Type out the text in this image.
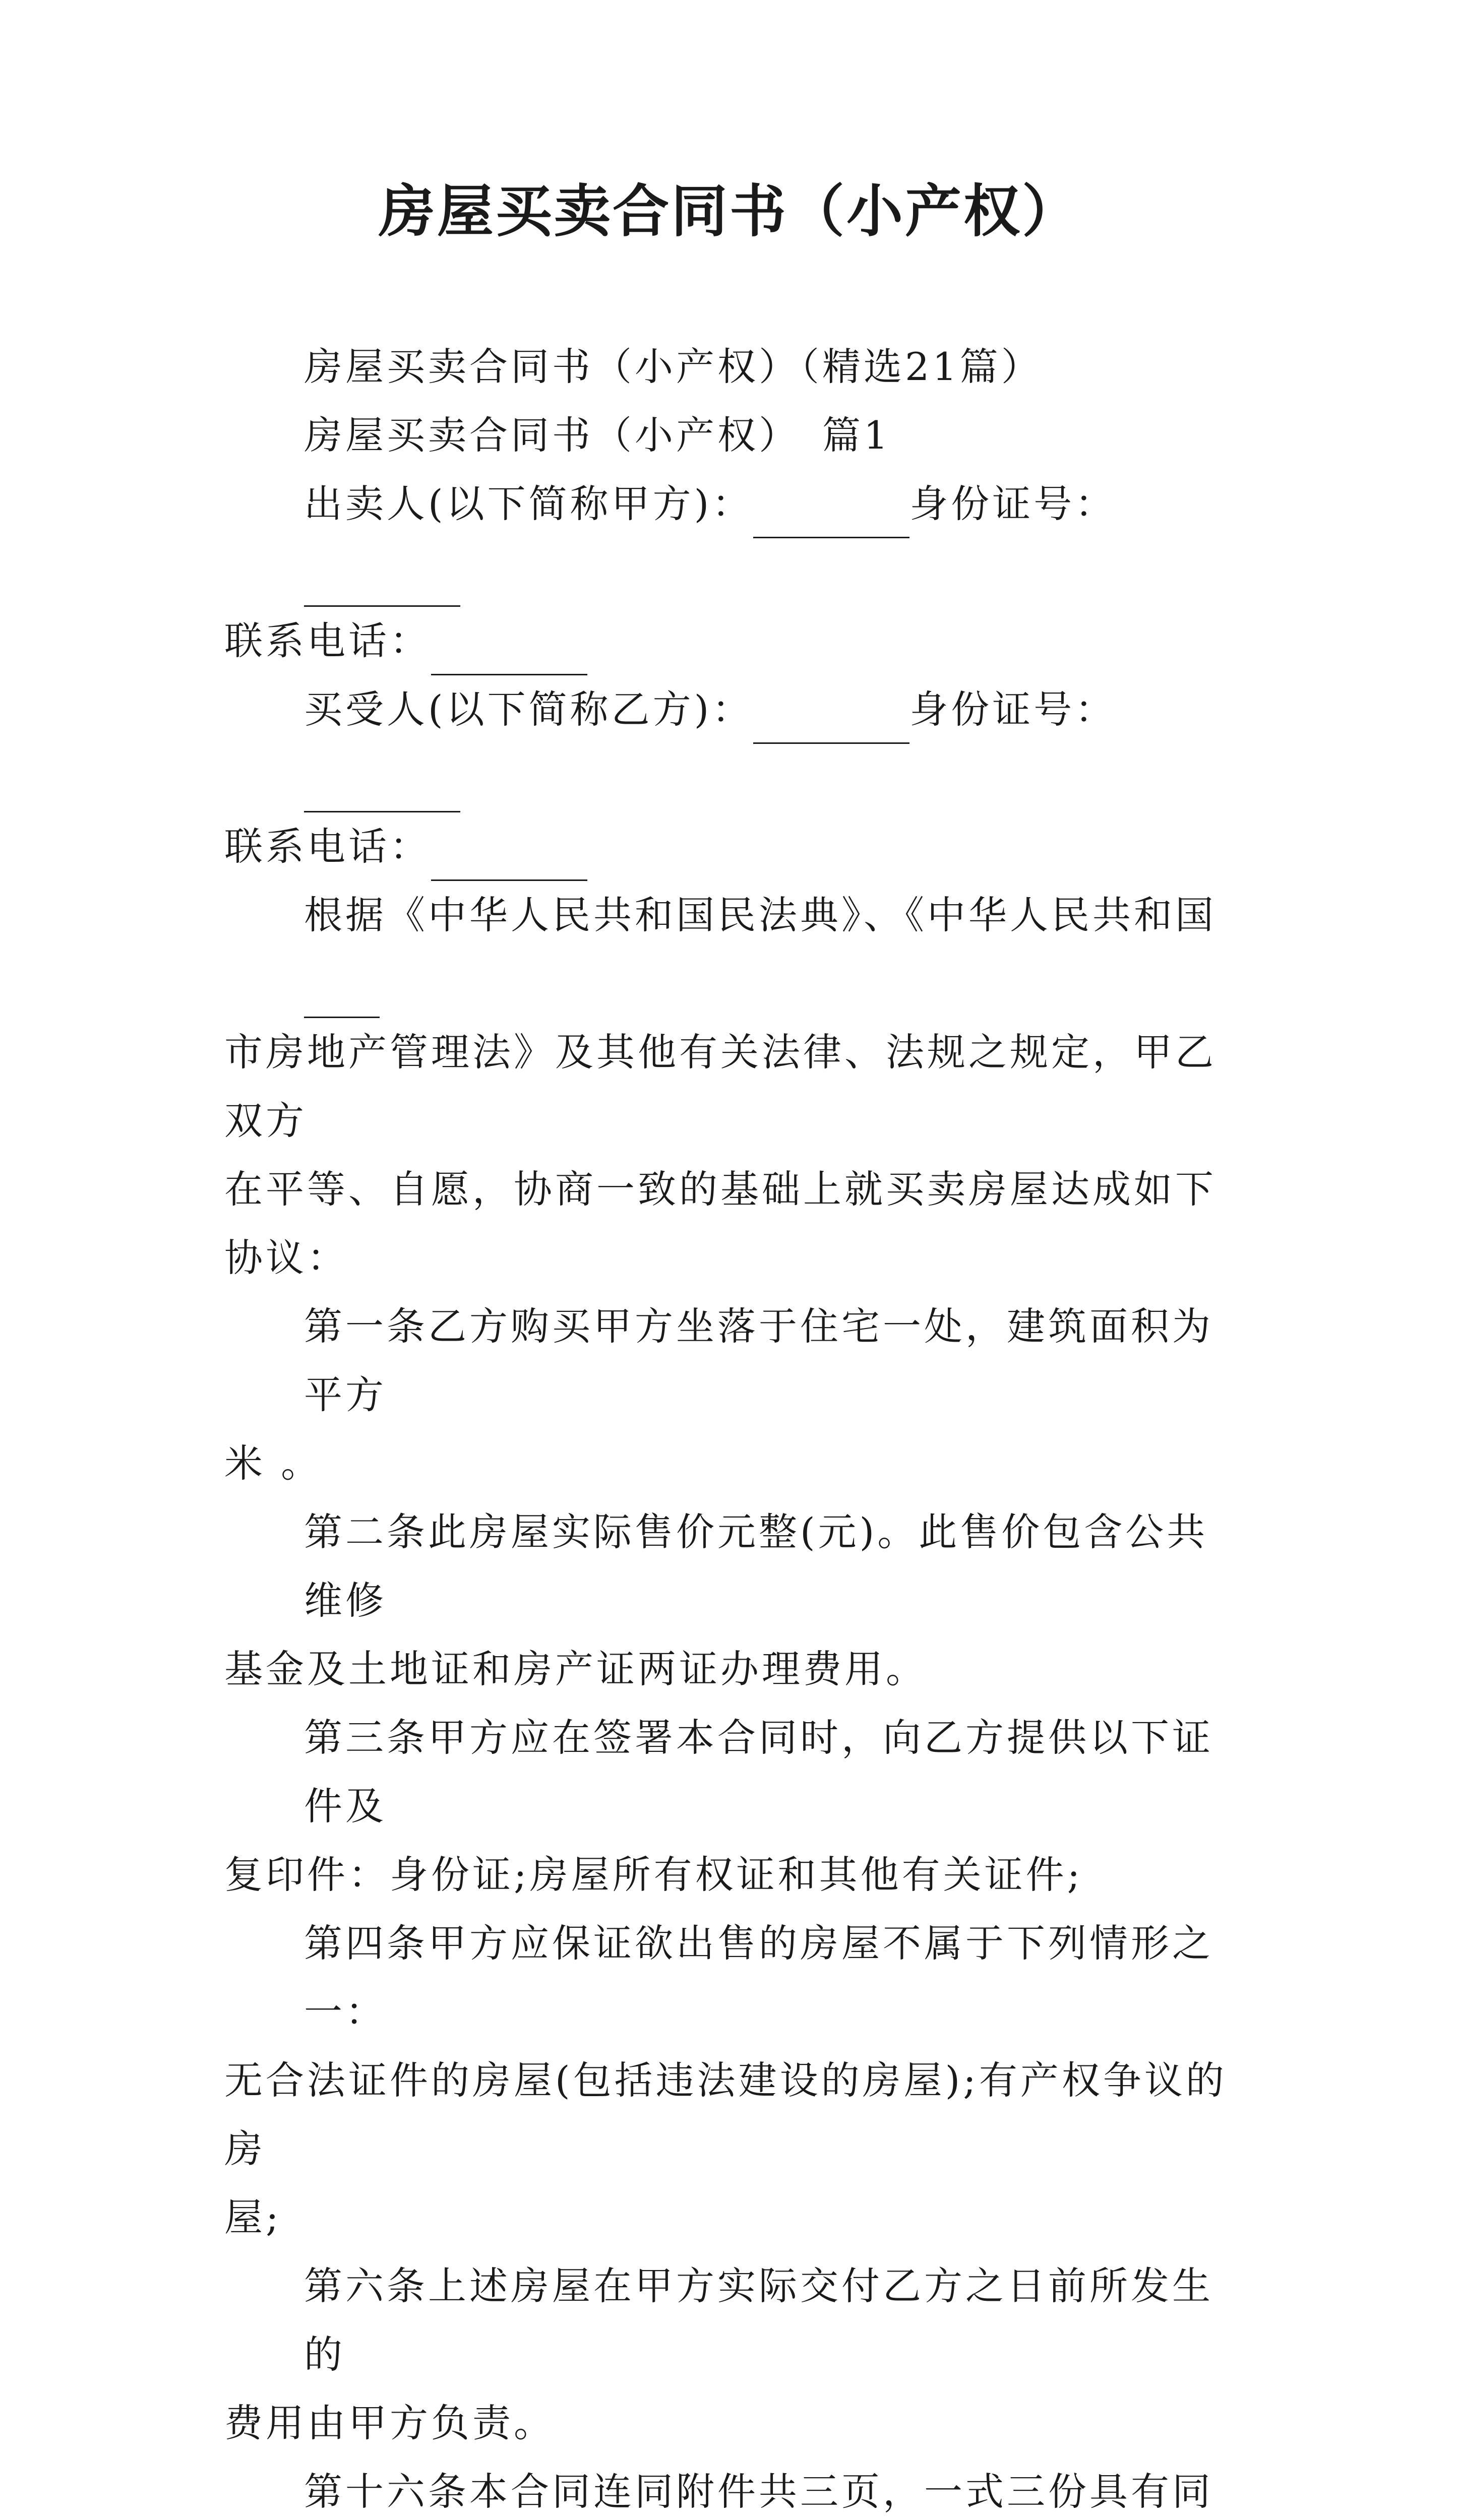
房屋买卖合同书（小产权）
房屋买卖合同书（小产权）（精选21篇）
房屋买卖合同书（小产权）　篇1
出卖人(以下简称甲方)：	身份证号：
联系电话：
买受人(以下简称乙方)：	身份证号：
联系电话：
根据《中华人民共和国民法典》、《中华人民共和国
市房地产管理法》及其他有关法律、法规之规定，甲乙双方
在平等、自愿，协商一致的基础上就买卖房屋达成如下协议：
第一条乙方购买甲方坐落于住宅一处，建筑面积为平方
米 。
第二条此房屋实际售价元整(元)。此售价包含公共维修
基金及土地证和房产证两证办理费用。
第三条甲方应在签署本合同时，向乙方提供以下证件及
复印件：身份证;房屋所有权证和其他有关证件;
第四条甲方应保证欲出售的房屋不属于下列情形之一：
无合法证件的房屋(包括违法建设的房屋);有产权争议的房
屋;
第六条上述房屋在甲方实际交付乙方之日前所发生的
费用由甲方负责。
第十六条本合同连同附件共三页，一式三份具有同
